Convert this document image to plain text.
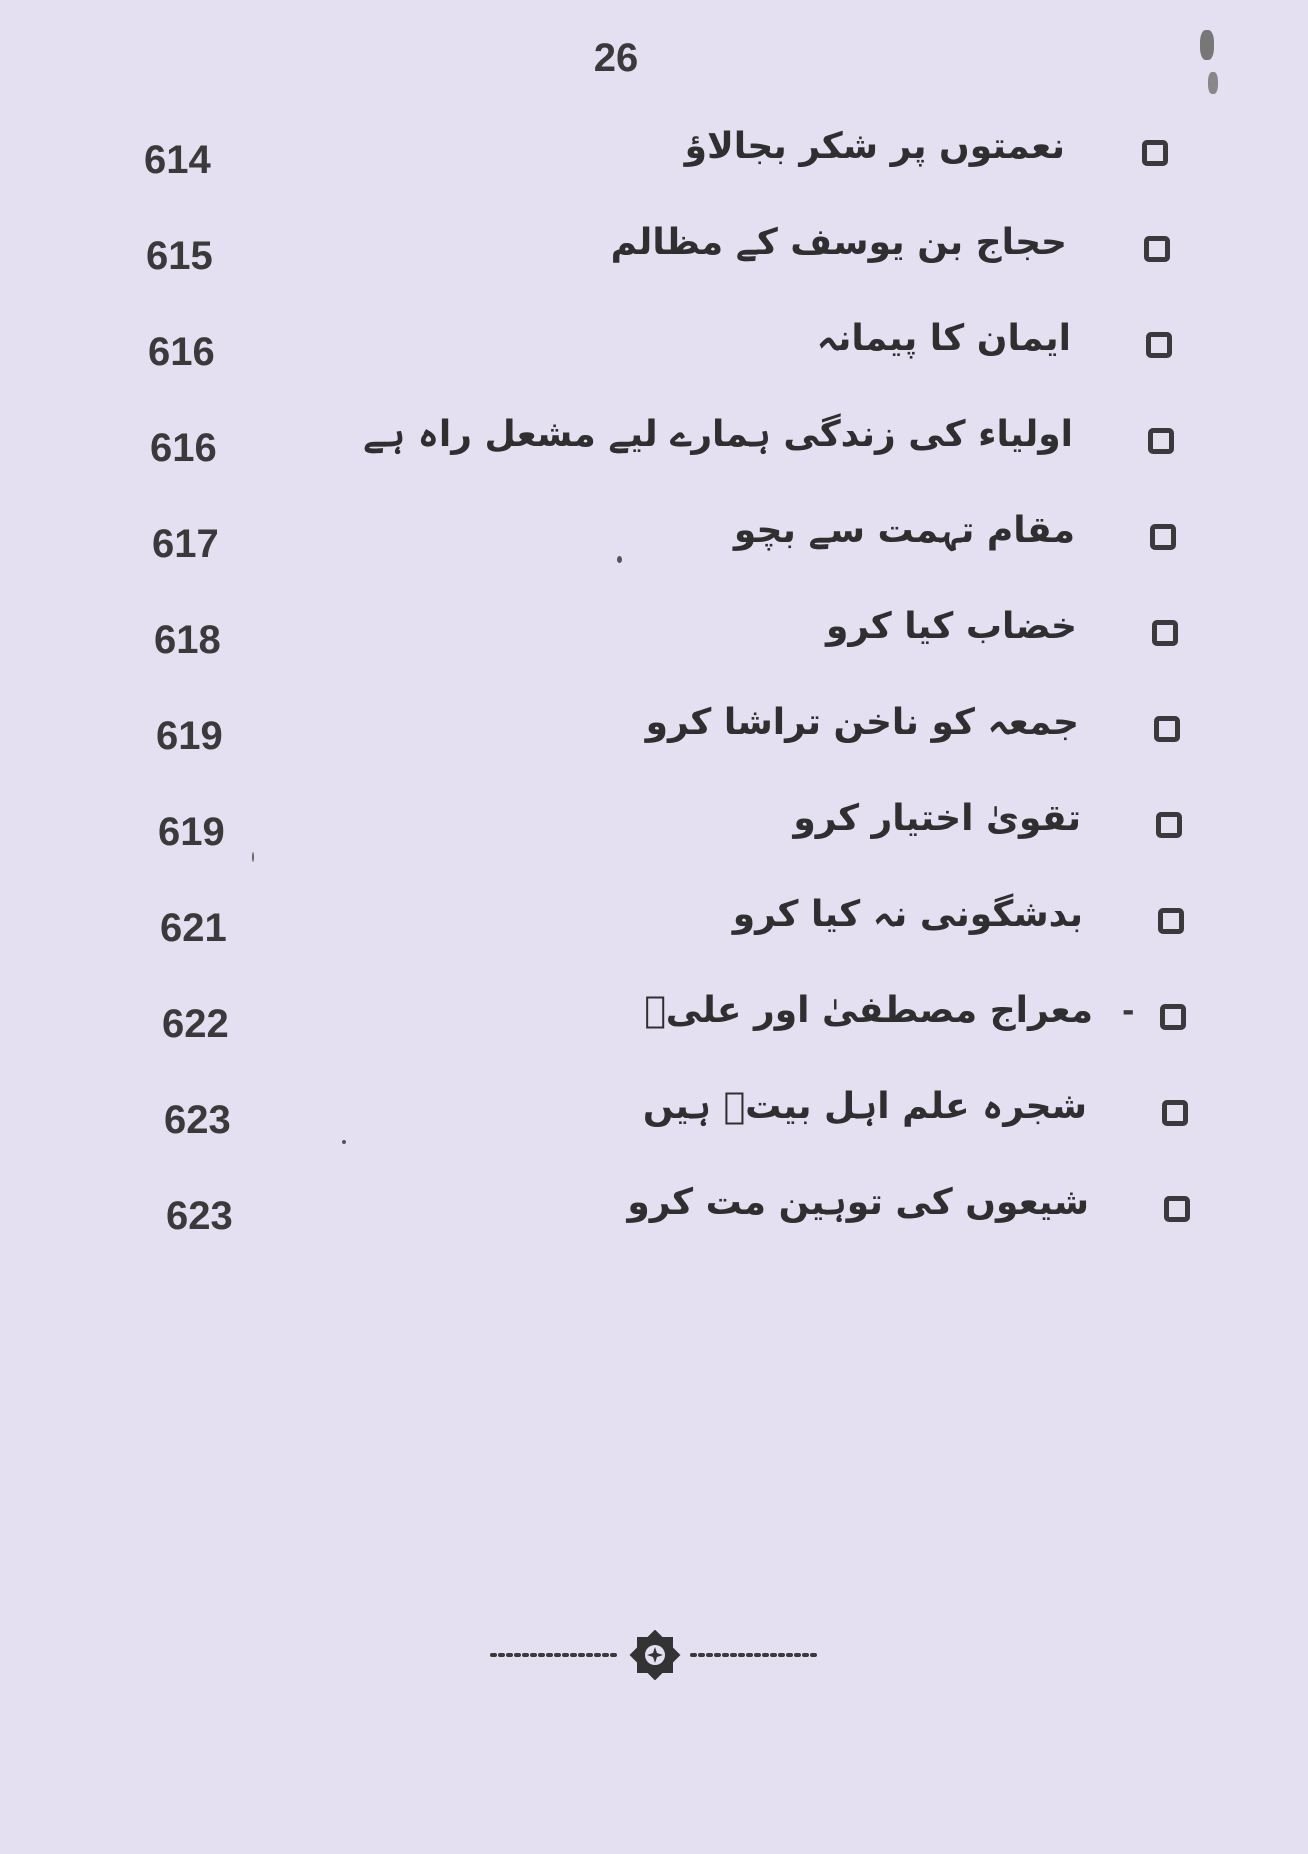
26
نعمتوں پر شکر بجالاؤ
614
حجاج بن یوسف کے مظالم
615
ایمان کا پیمانہ
616
اولیاء کی زندگی ہمارے لیے مشعل راہ ہے
616
مقام تہمت سے بچو
617
خضاب کیا کرو
618
جمعہ کو ناخن تراشا کرو
619
تقویٰ اختیار کرو
619
بدشگونی نہ کیا کرو
621
-
معراج مصطفیٰ اور علیؑ
622
شجرہ علم اہل بیتؑ ہیں
623
شیعوں کی توہین مت کرو
623
